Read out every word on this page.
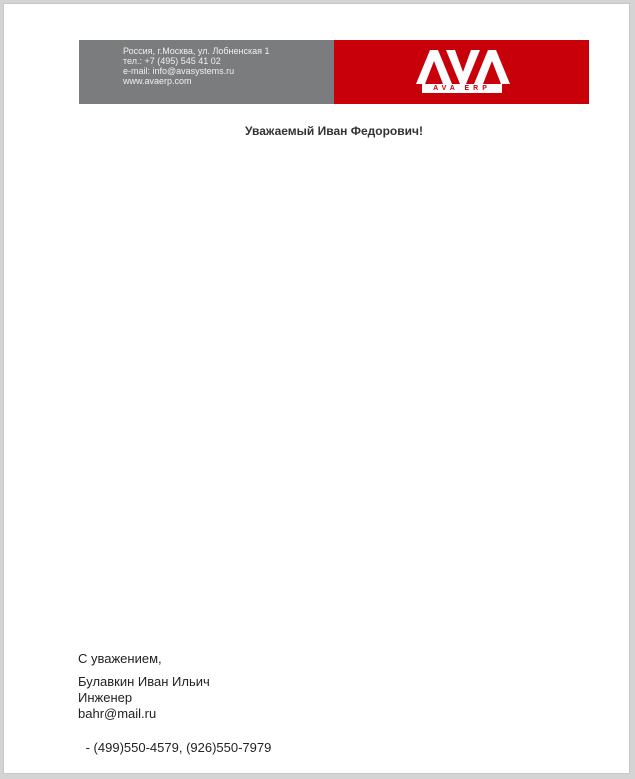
Россия, г.Москва, ул. Лобненская 1
тел.: +7 (495) 545 41 02
e-mail: info@avasystems.ru
www.avaerp.com
AVA ERP
Уважаемый Иван Федорович!
С уважением,
Булавкин Иван Ильич
Инженер
bahr@mail.ru
- (499)550-4579, (926)550-7979
